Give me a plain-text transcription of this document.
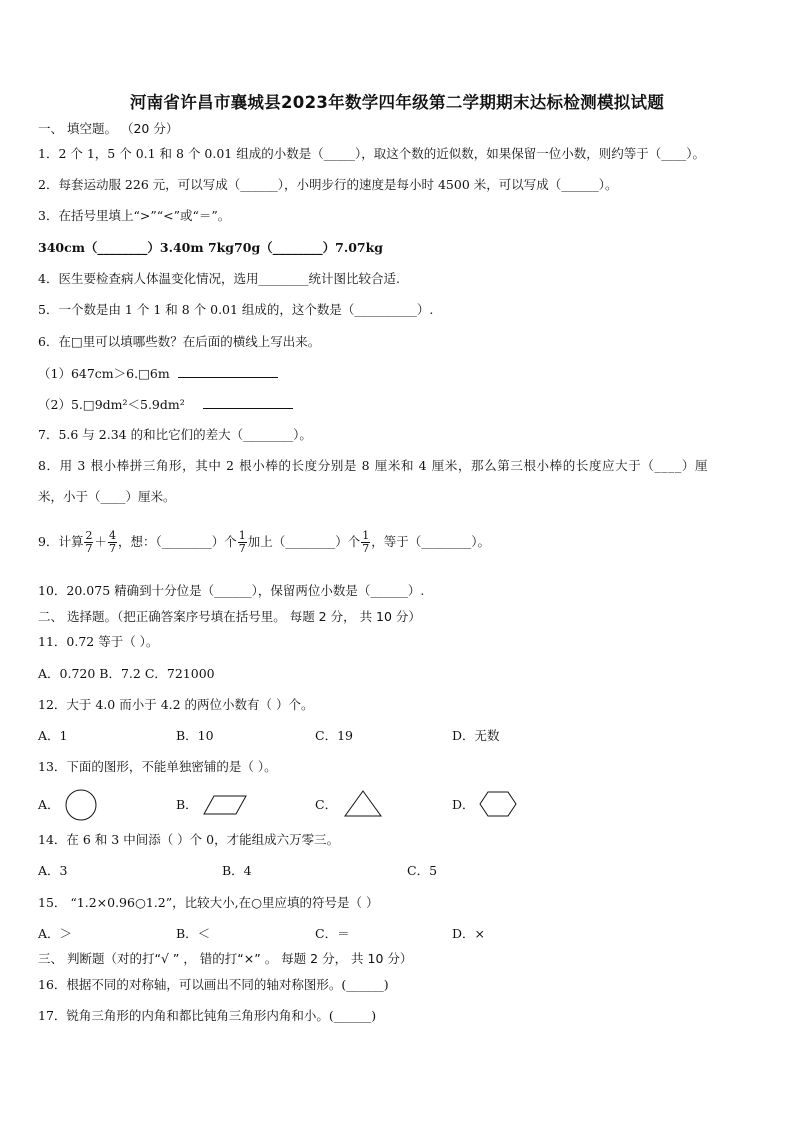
河南省许昌市襄城县2023年数学四年级第二学期期末达标检测模拟试题
一、 填空题。 （20 分）
1．2 个 1，5 个 0.1 和 8 个 0.01 组成的小数是（_____），取这个数的近似数，如果保留一位小数，则约等于（____）。
2．每套运动服 226 元，可以写成（______），小明步行的速度是每小时 4500 米，可以写成（______）。
3．在括号里填上“>”“<”或“＝”。
340cm（________）3.40m 7kg70g（________）7.07kg
4．医生要检查病人体温变化情况，选用________统计图比较合适.
5．一个数是由 1 个 1 和 8 个 0.01 组成的，这个数是（__________）.
6．在□里可以填哪些数？在后面的横线上写出来。
（1）647cm＞6.□6m
（2）5.□9dm²＜5.9dm²
7．5.6 与 2.34 的和比它们的差大（________）。
8．用 3 根小棒拼三角形，其中 2 根小棒的长度分别是 8 厘米和 4 厘米，那么第三根小棒的长度应大于（____）厘
米，小于（____）厘米。
9．计算 $\frac{2}{7} + \frac{4}{7}$ ，想：（________）个 $\frac{1}{7}$ 加上（________）个 $\frac{1}{7}$ ，等于（________）。
10．20.075 精确到十分位是（______），保留两位小数是（______）.
二、 选择题。（把正确答案序号填在括号里。 每题 2 分， 共 10 分）
11．0.72 等于（ ）。
A．0.720 B．7.2 C．721000
12．大于 4.0 而小于 4.2 的两位小数有（ ）个。
A．1	B．10	C．19	D．无数
13．下面的图形，不能单独密铺的是（ ）。
A．	B．	C．	D．
14．在 6 和 3 中间添（ ）个 0，才能组成六万零三。
A．3	B．4	C．5
15． “1.2×0.96○1.2”，比较大小,在○里应填的符号是（ ）
A．＞	B．＜	C．＝	D．×
三、 判断题（对的打“√ ” ， 错的打“×” 。 每题 2 分， 共 10 分）
16．根据不同的对称轴，可以画出不同的轴对称图形。(______)
17．锐角三角形的内角和都比钝角三角形内角和小。(______)
